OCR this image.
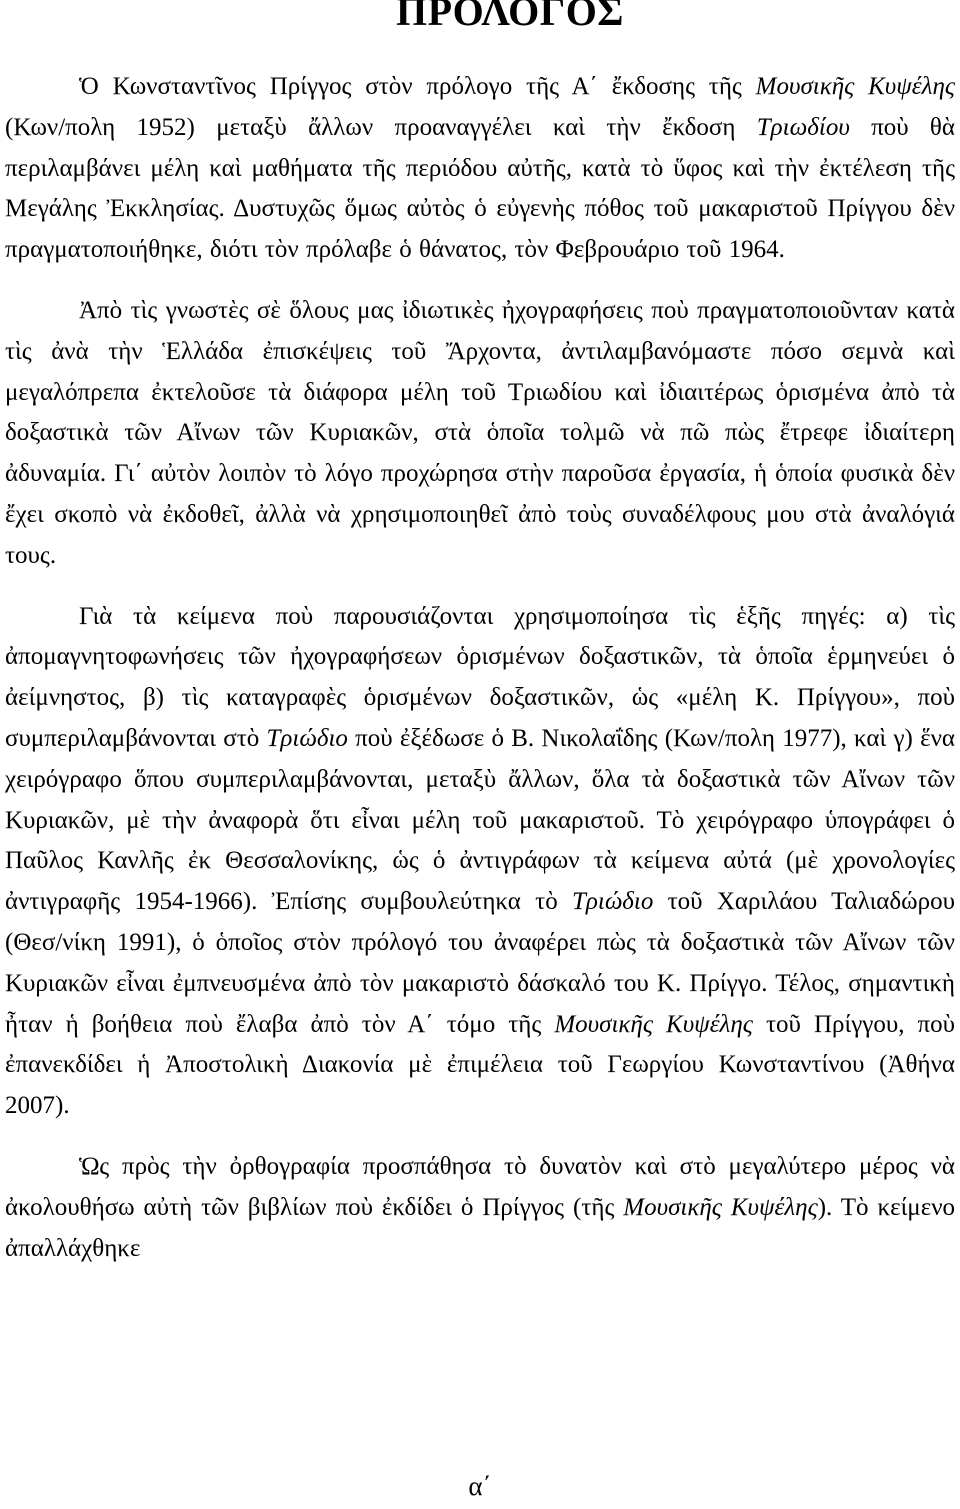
ΠΡΟΛΟΓΟΣ

Ὁ Κωνσταντῖνος Πρίγγος στὸν πρόλογο τῆς Α΄ ἔκδοσης τῆς Μουσικῆς Κυψέλης (Κων/πολη 1952) μεταξὺ ἄλλων προαναγγέλει καὶ τὴν ἔκδοση Τριωδίου ποὺ θὰ περιλαμβάνει μέλη καὶ μαθήματα τῆς περιόδου αὐτῆς, κατὰ τὸ ὕφος καὶ τὴν ἐκτέλεση τῆς Μεγάλης Ἐκκλησίας. Δυστυχῶς ὅμως αὐτὸς ὁ εὐγενὴς πόθος τοῦ μακαριστοῦ Πρίγγου δὲν πραγματοποιήθηκε, διότι τὸν πρόλαβε ὁ θάνατος, τὸν Φεβρουάριο τοῦ 1964.

Ἀπὸ τὶς γνωστὲς σὲ ὅλους μας ἰδιωτικὲς ἠχογραφήσεις ποὺ πραγματοποιοῦνταν κατὰ τὶς ἀνὰ τὴν Ἑλλάδα ἐπισκέψεις τοῦ Ἄρχοντα, ἀντιλαμβανόμαστε πόσο σεμνὰ καὶ μεγαλόπρεπα ἐκτελοῦσε τὰ διάφορα μέλη τοῦ Τριωδίου καὶ ἰδιαιτέρως ὁρισμένα ἀπὸ τὰ δοξαστικὰ τῶν Αἴνων τῶν Κυριακῶν, στὰ ὁποῖα τολμῶ νὰ πῶ πὼς ἔτρεφε ἰδιαίτερη ἀδυναμία. Γι΄ αὐτὸν λοιπὸν τὸ λόγο προχώρησα στὴν παροῦσα ἐργασία, ἡ ὁποία φυσικὰ δὲν ἔχει σκοπὸ νὰ ἐκδοθεῖ, ἀλλὰ νὰ χρησιμοποιηθεῖ ἀπὸ τοὺς συναδέλφους μου στὰ ἀναλόγιά τους.

Γιὰ τὰ κείμενα ποὺ παρουσιάζονται χρησιμοποίησα τὶς ἑξῆς πηγές: α) τὶς ἀπομαγνητοφωνήσεις τῶν ἠχογραφήσεων ὁρισμένων δοξαστικῶν, τὰ ὁποῖα ἑρμηνεύει ὁ ἀείμνηστος, β) τὶς καταγραφὲς ὁρισμένων δοξαστικῶν, ὡς «μέλη Κ. Πρίγγου», ποὺ συμπεριλαμβάνονται στὸ Τριώδιο ποὺ ἐξέδωσε ὁ Β. Νικολαΐδης (Κων/πολη 1977), καὶ γ) ἕνα χειρόγραφο ὅπου συμπεριλαμβάνονται, μεταξὺ ἄλλων, ὅλα τὰ δοξαστικὰ τῶν Αἴνων τῶν Κυριακῶν, μὲ τὴν ἀναφορὰ ὅτι εἶναι μέλη τοῦ μακαριστοῦ. Τὸ χειρόγραφο ὑπογράφει ὁ Παῦλος Κανλῆς ἐκ Θεσσαλονίκης, ὡς ὁ ἀντιγράφων τὰ κείμενα αὐτά (μὲ χρονολογίες ἀντιγραφῆς 1954-1966). Ἐπίσης συμβουλεύτηκα τὸ Τριώδιο τοῦ Χαριλάου Ταλιαδώρου (Θεσ/νίκη 1991), ὁ ὁποῖος στὸν πρόλογό του ἀναφέρει πὼς τὰ δοξαστικὰ τῶν Αἴνων τῶν Κυριακῶν εἶναι ἐμπνευσμένα ἀπὸ τὸν μακαριστὸ δάσκαλό του Κ. Πρίγγο. Τέλος, σημαντικὴ ἦταν ἡ βοήθεια ποὺ ἔλαβα ἀπὸ τὸν Α΄ τόμο τῆς Μουσικῆς Κυψέλης τοῦ Πρίγγου, ποὺ ἐπανεκδίδει ἡ Ἀποστολικὴ Διακονία μὲ ἐπιμέλεια τοῦ Γεωργίου Κωνσταντίνου (Ἀθήνα 2007).

Ὡς πρὸς τὴν ὀρθογραφία προσπάθησα τὸ δυνατὸν καὶ στὸ μεγαλύτερο μέρος νὰ ἀκολουθήσω αὐτὴ τῶν βιβλίων ποὺ ἐκδίδει ὁ Πρίγγος (τῆς Μουσικῆς Κυψέλης). Τὸ κείμενο ἀπαλλάχθηκε

α΄
